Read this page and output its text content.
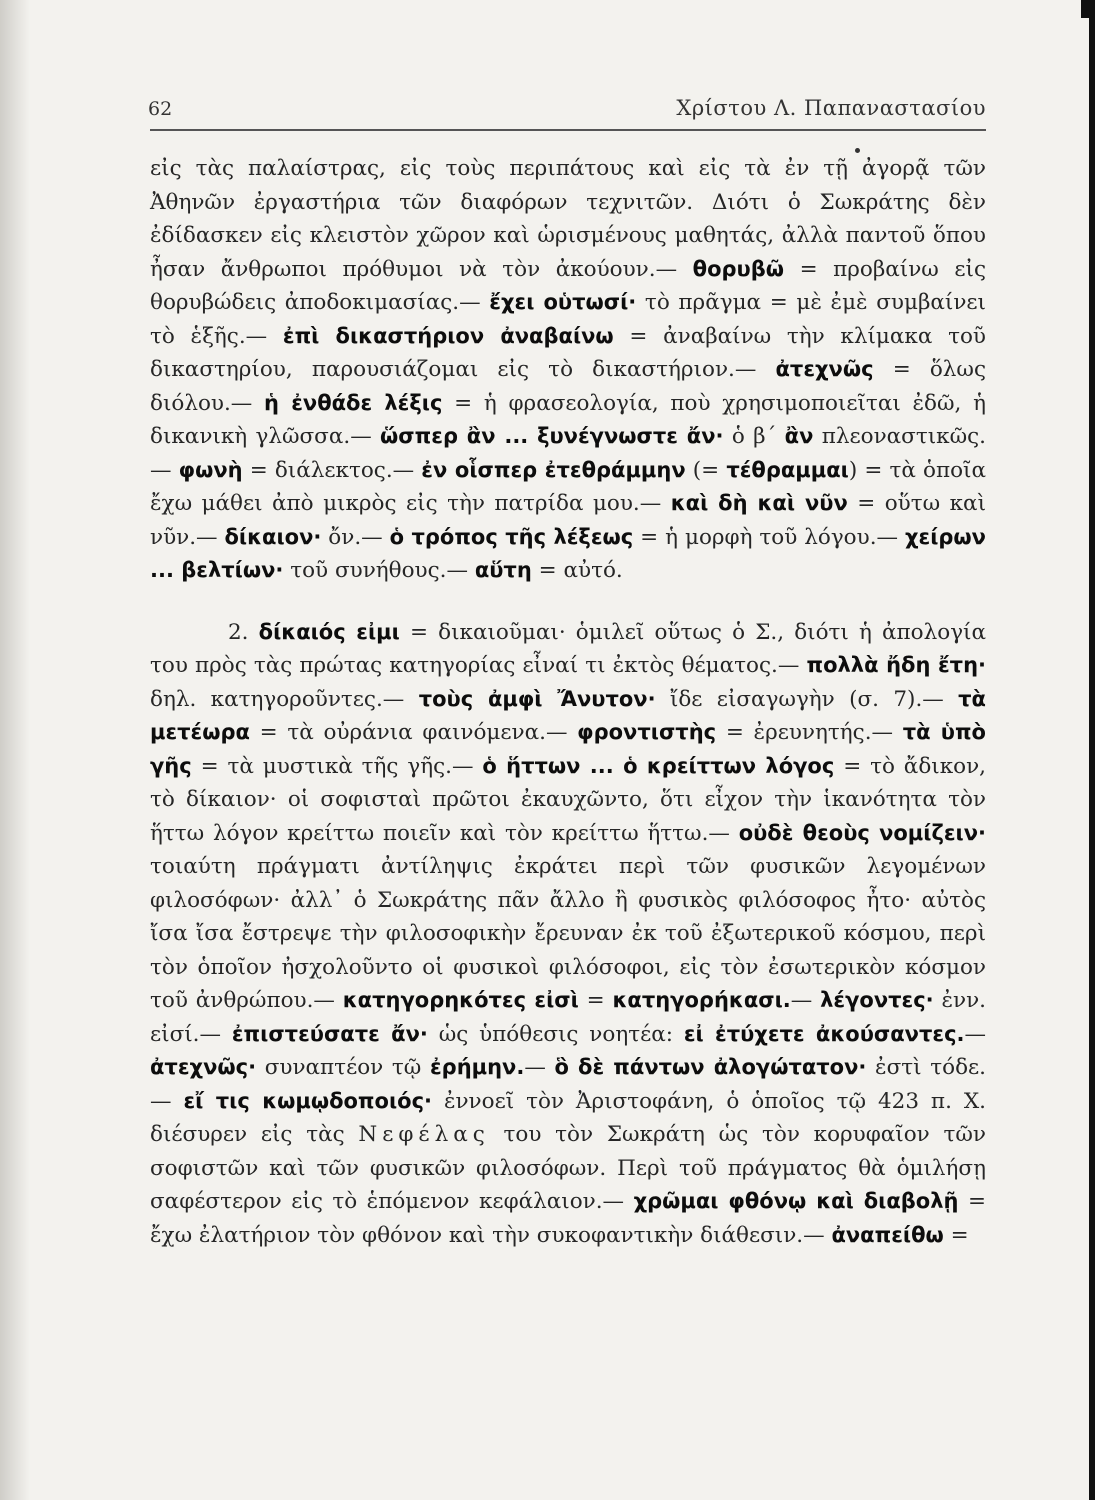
62	Χρίστου Λ. Παπαναστασίου

εἰς τὰς παλαίστρας, εἰς τοὺς περιπάτους καὶ εἰς τὰ ἐν τῇ ἀγορᾷ τῶν Ἀθηνῶν ἐργαστήρια τῶν διαφόρων τεχνιτῶν. Διότι ὁ Σωκράτης δὲν ἐδίδασκεν εἰς κλειστὸν χῶρον καὶ ὡρισμένους μαθητάς, ἀλλὰ παντοῦ ὅπου ἦσαν ἄνθρωποι πρόθυμοι νὰ τὸν ἀκούουν.— θορυβῶ = προβαίνω εἰς θορυβώδεις ἀποδοκιμασίας.— ἔχει οὑτωσί· τὸ πρᾶγμα = μὲ ἐμὲ συμβαίνει τὸ ἑξῆς.— ἐπὶ δικαστήριον ἀναβαίνω = ἀναβαίνω τὴν κλίμακα τοῦ δικαστηρίου, παρουσιάζομαι εἰς τὸ δικαστήριον.— ἀτεχνῶς = ὅλως διόλου.— ἡ ἐνθάδε λέξις = ἡ φρασεολογία, ποὺ χρησιμοποιεῖται ἐδῶ, ἡ δικανικὴ γλῶσσα.— ὥσπερ ἂν ... ξυνέγνωστε ἄν· ὁ β΄ ἂν πλεοναστικῶς.— φωνὴ = διάλεκτος.— ἐν οἷσπερ ἐτεθράμμην (= τέθραμμαι) = τὰ ὁποῖα ἔχω μάθει ἀπὸ μικρὸς εἰς τὴν πατρίδα μου.— καὶ δὴ καὶ νῦν = οὕτω καὶ νῦν.— δίκαιον· ὄν.— ὁ τρόπος τῆς λέξεως = ἡ μορφὴ τοῦ λόγου.— χείρων ... βελτίων· τοῦ συνήθους.— αὕτη = αὐτό.

2. δίκαιός εἰμι = δικαιοῦμαι· ὁμιλεῖ οὕτως ὁ Σ., διότι ἡ ἀπολογία του πρὸς τὰς πρώτας κατηγορίας εἶναί τι ἐκτὸς θέματος.— πολλὰ ἤδη ἔτη· δηλ. κατηγοροῦντες.— τοὺς ἀμφὶ Ἄνυτον· ἴδε εἰσαγωγὴν (σ. 7).— τὰ μετέωρα = τὰ οὐράνια φαινόμενα.— φροντιστὴς = ἐρευνητής.— τὰ ὑπὸ γῆς = τὰ μυστικὰ τῆς γῆς.— ὁ ἥττων ... ὁ κρείττων λόγος = τὸ ἄδικον, τὸ δίκαιον· οἱ σοφισταὶ πρῶτοι ἐκαυχῶντο, ὅτι εἶχον τὴν ἱκανότητα τὸν ἥττω λόγον κρείττω ποιεῖν καὶ τὸν κρείττω ἥττω.— οὐδὲ θεοὺς νομίζειν· τοιαύτη πράγματι ἀντίληψις ἐκράτει περὶ τῶν φυσικῶν λεγομένων φιλοσόφων· ἀλλ᾽ ὁ Σωκράτης πᾶν ἄλλο ἢ φυσικὸς φιλόσοφος ἦτο· αὐτὸς ἴσα ἴσα ἔστρεψε τὴν φιλοσοφικὴν ἔρευναν ἐκ τοῦ ἐξωτερικοῦ κόσμου, περὶ τὸν ὁποῖον ἠσχολοῦντο οἱ φυσικοὶ φιλόσοφοι, εἰς τὸν ἐσωτερικὸν κόσμον τοῦ ἀνθρώπου.— κατηγορηκότες εἰσὶ = κατηγορήκασι.— λέγοντες· ἐνν. εἰσί.— ἐπιστεύσατε ἄν· ὡς ὑπόθεσις νοητέα: εἰ ἐτύχετε ἀκούσαντες.— ἀτεχνῶς· συναπτέον τῷ ἐρήμην.— ὃ δὲ πάντων ἀλογώτατον· ἐστὶ τόδε.— εἴ τις κωμῳδοποιός· ἐννοεῖ τὸν Ἀριστοφάνη, ὁ ὁποῖος τῷ 423 π. Χ. διέσυρεν εἰς τὰς Νεφέλας του τὸν Σωκράτη ὡς τὸν κορυφαῖον τῶν σοφιστῶν καὶ τῶν φυσικῶν φιλοσόφων. Περὶ τοῦ πράγματος θὰ ὁμιλήσῃ σαφέστερον εἰς τὸ ἑπόμενον κεφάλαιον.— χρῶμαι φθόνῳ καὶ διαβολῇ = ἔχω ἐλατήριον τὸν φθόνον καὶ τὴν συκοφαντικὴν διάθεσιν.— ἀναπείθω =
